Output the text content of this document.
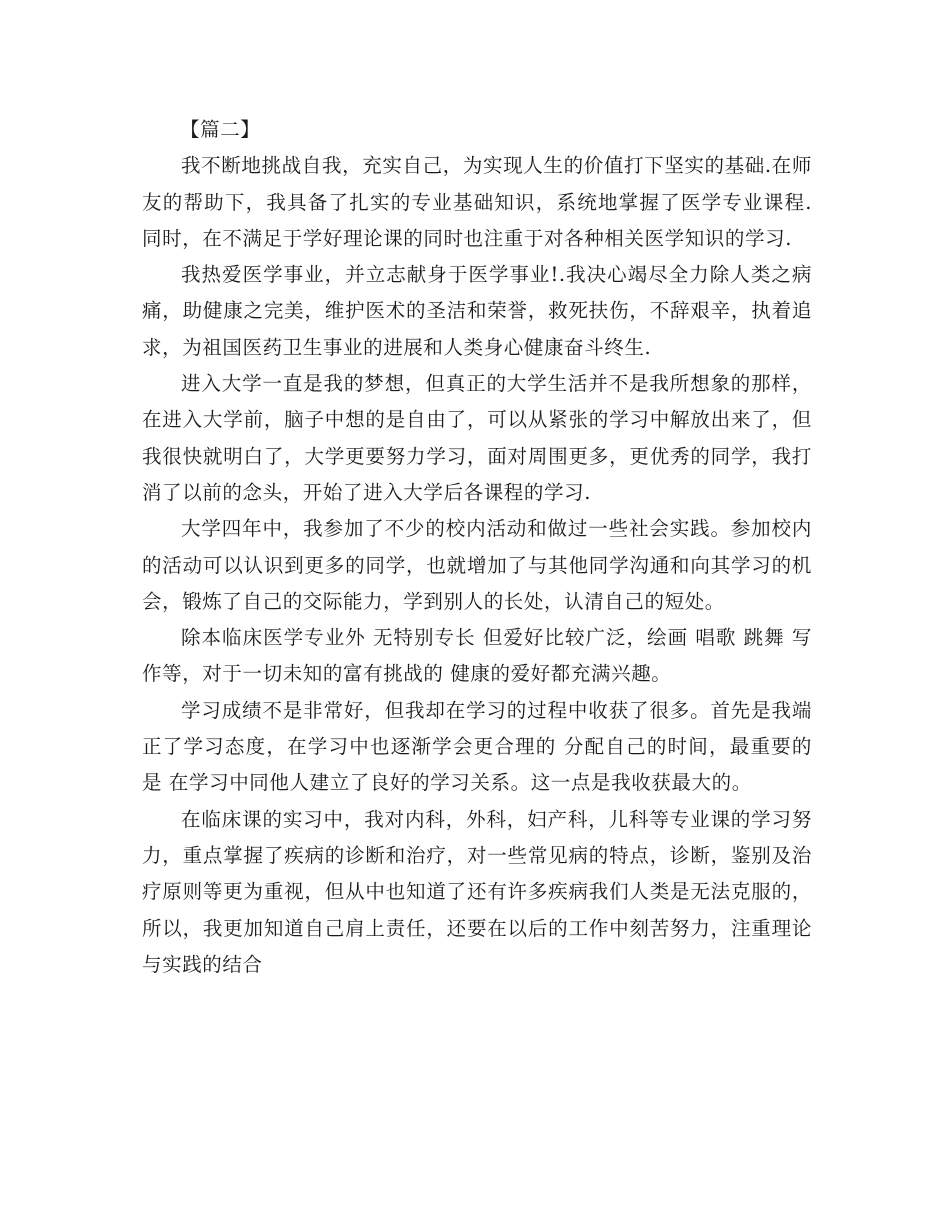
【篇二】

我不断地挑战自我，充实自己，为实现人生的价值打下坚实的基础.在师友的帮助下，我具备了扎实的专业基础知识，系统地掌握了医学专业课程.同时，在不满足于学好理论课的同时也注重于对各种相关医学知识的学习.

我热爱医学事业，并立志献身于医学事业!.我决心竭尽全力除人类之病痛，助健康之完美，维护医术的圣洁和荣誉，救死扶伤，不辞艰辛，执着追求，为祖国医药卫生事业的进展和人类身心健康奋斗终生.

进入大学一直是我的梦想，但真正的大学生活并不是我所想象的那样，在进入大学前，脑子中想的是自由了，可以从紧张的学习中解放出来了，但我很快就明白了，大学更要努力学习，面对周围更多，更优秀的同学，我打消了以前的念头，开始了进入大学后各课程的学习.

大学四年中，我参加了不少的校内活动和做过一些社会实践。参加校内的活动可以认识到更多的同学，也就增加了与其他同学沟通和向其学习的机会，锻炼了自己的交际能力，学到别人的长处，认清自己的短处。

除本临床医学专业外 无特别专长 但爱好比较广泛，绘画 唱歌 跳舞 写作等，对于一切未知的富有挑战的 健康的爱好都充满兴趣。

学习成绩不是非常好，但我却在学习的过程中收获了很多。首先是我端正了学习态度，在学习中也逐渐学会更合理的 分配自己的时间，最重要的是 在学习中同他人建立了良好的学习关系。这一点是我收获最大的。

在临床课的实习中，我对内科，外科，妇产科，儿科等专业课的学习努力，重点掌握了疾病的诊断和治疗，对一些常见病的特点，诊断，鉴别及治疗原则等更为重视，但从中也知道了还有许多疾病我们人类是无法克服的，所以，我更加知道自己肩上责任，还要在以后的工作中刻苦努力，注重理论与实践的结合
